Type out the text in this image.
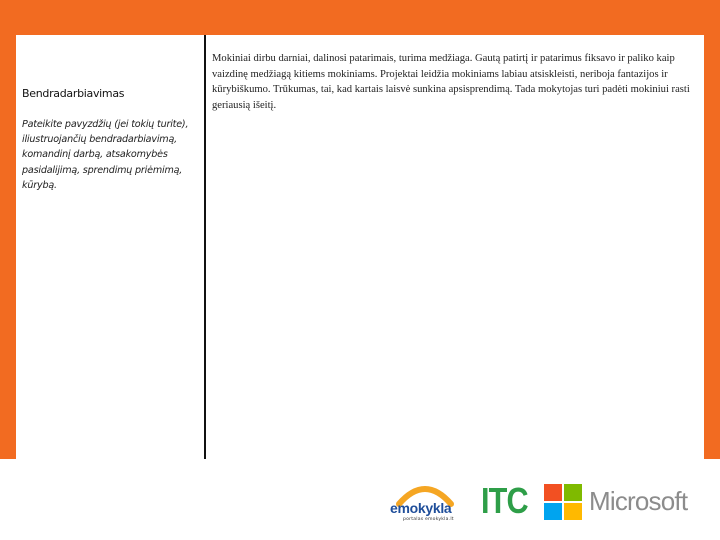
Bendradarbiavimas
Pateikite pavyzdžių (jei tokių turite), iliustruojančių bendradarbiavimą, komandinį darbą, atsakomybės pasidalijimą, sprendimų priėmimą, kūrybą.
Mokiniai dirbu darniai, dalinosi patarimais, turima medžiaga. Gautą patirtį ir patarimus fiksavo ir paliko kaip vaizdinę medžiagą kitiems mokiniams. Projektai leidžia mokiniams labiau atsiskleisti, neriboja fantazijos ir kūrybiškumo. Trūkumas, tai, kad kartais laisvė sunkina apsisprendimą. Tada mokytojas turi padėti mokiniui rasti geriausią išeitį.
emokykla
portalas emokykla.lt ITC Microsoft
